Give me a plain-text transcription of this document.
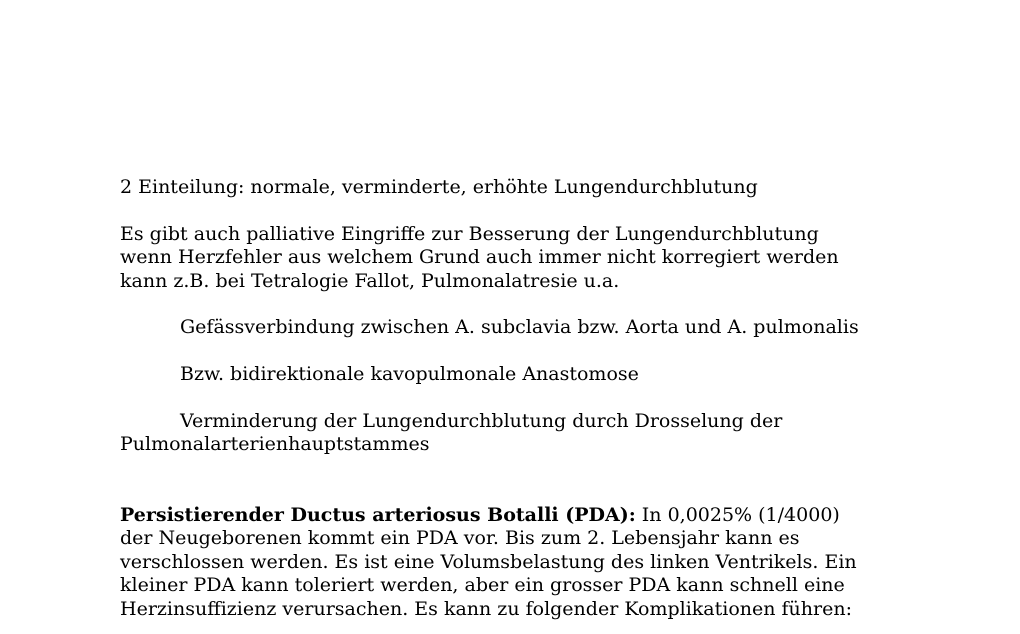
2 Einteilung: normale, verminderte, erhöhte Lungendurchblutung

Es gibt auch palliative Eingriffe zur Besserung der Lungendurchblutung

wenn Herzfehler aus welchem Grund auch immer nicht korregiert werden

kann z.B. bei Tetralogie Fallot, Pulmonalatresie u.a.

Gefässverbindung zwischen A. subclavia bzw. Aorta und A. pulmonalis

Bzw. bidirektionale kavopulmonale Anastomose

Verminderung der Lungendurchblutung durch Drosselung der

Pulmonalarterienhauptstammes

Persistierender Ductus arteriosus Botalli (PDA): In 0,0025% (1/4000)

der Neugeborenen kommt ein PDA vor. Bis zum 2. Lebensjahr kann es

verschlossen werden. Es ist eine Volumsbelastung des linken Ventrikels. Ein

kleiner PDA kann toleriert werden, aber ein grosser PDA kann schnell eine

Herzinsuffizienz verursachen. Es kann zu folgender Komplikationen führen:
